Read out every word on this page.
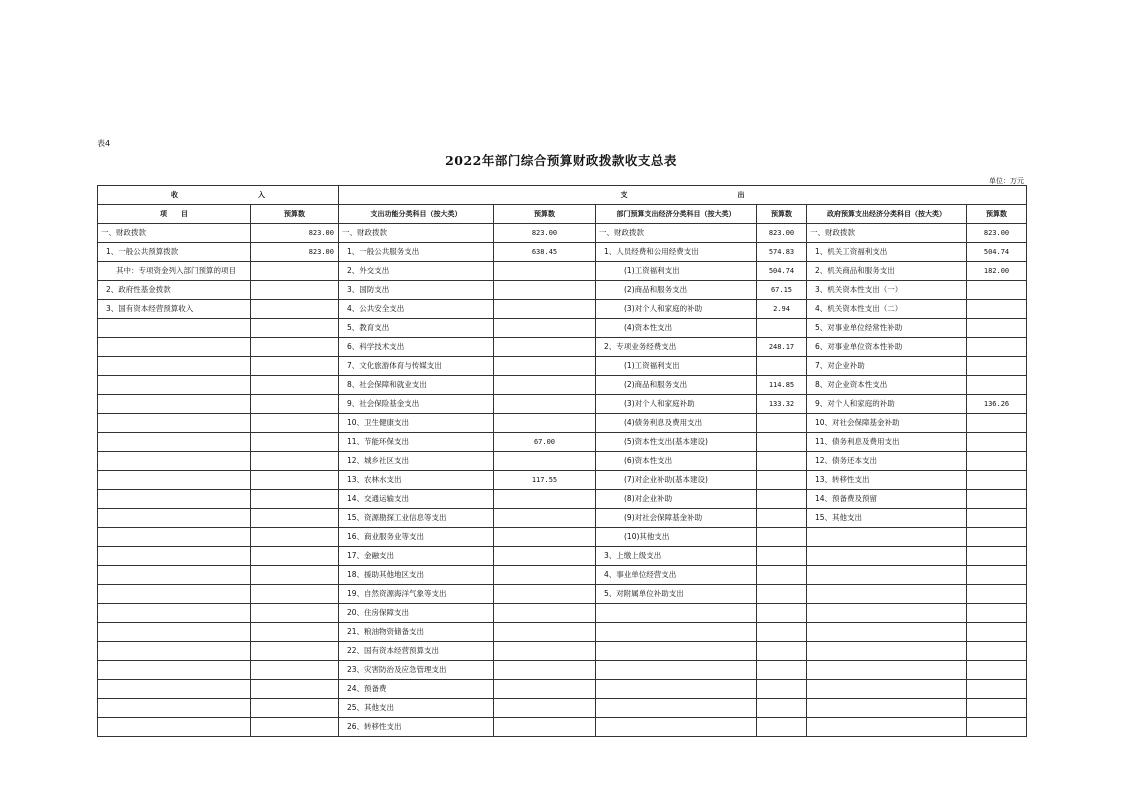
表4
2022年部门综合预算财政拨款收支总表
单位：万元
收 入		支 出					
项　　目	预算数	支出功能分类科目（按大类）	预算数	部门预算支出经济分类科目（按大类）	预算数	政府预算支出经济分类科目（按大类）	预算数
一、财政拨款	823.00	一、财政拨款	823.00	一、财政拨款	823.00	一、财政拨款	823.00
1、一般公共预算拨款	823.00	1、一般公共服务支出	638.45	1、人员经费和公用经费支出	574.83	1、机关工资福利支出	504.74
其中：专项资金列入部门预算的项目		2、外交支出		(1)工资福利支出	504.74	2、机关商品和服务支出	182.00
2、政府性基金拨款		3、国防支出		(2)商品和服务支出	67.15	3、机关资本性支出（一）	
3、国有资本经营预算收入		4、公共安全支出		(3)对个人和家庭的补助	2.94	4、机关资本性支出（二）	
		5、教育支出		(4)资本性支出		5、对事业单位经常性补助	
		6、科学技术支出		2、专项业务经费支出	248.17	6、对事业单位资本性补助	
		7、文化旅游体育与传媒支出		(1)工资福利支出		7、对企业补助	
		8、社会保障和就业支出		(2)商品和服务支出	114.85	8、对企业资本性支出	
		9、社会保险基金支出		(3)对个人和家庭补助	133.32	9、对个人和家庭的补助	136.26
		10、卫生健康支出		(4)债务利息及费用支出		10、对社会保障基金补助	
		11、节能环保支出	67.00	(5)资本性支出(基本建设)		11、债务利息及费用支出	
		12、城乡社区支出		(6)资本性支出		12、债务还本支出	
		13、农林水支出	117.55	(7)对企业补助(基本建设)		13、转移性支出	
		14、交通运输支出		(8)对企业补助		14、预备费及预留	
		15、资源勘探工业信息等支出		(9)对社会保障基金补助		15、其他支出	
		16、商业服务业等支出		(10)其他支出			
		17、金融支出		3、上缴上级支出			
		18、援助其他地区支出		4、事业单位经营支出			
		19、自然资源海洋气象等支出		5、对附属单位补助支出			
		20、住房保障支出					
		21、粮油物资储备支出					
		22、国有资本经营预算支出					
		23、灾害防治及应急管理支出					
		24、预备费					
		25、其他支出					
		26、转移性支出					
